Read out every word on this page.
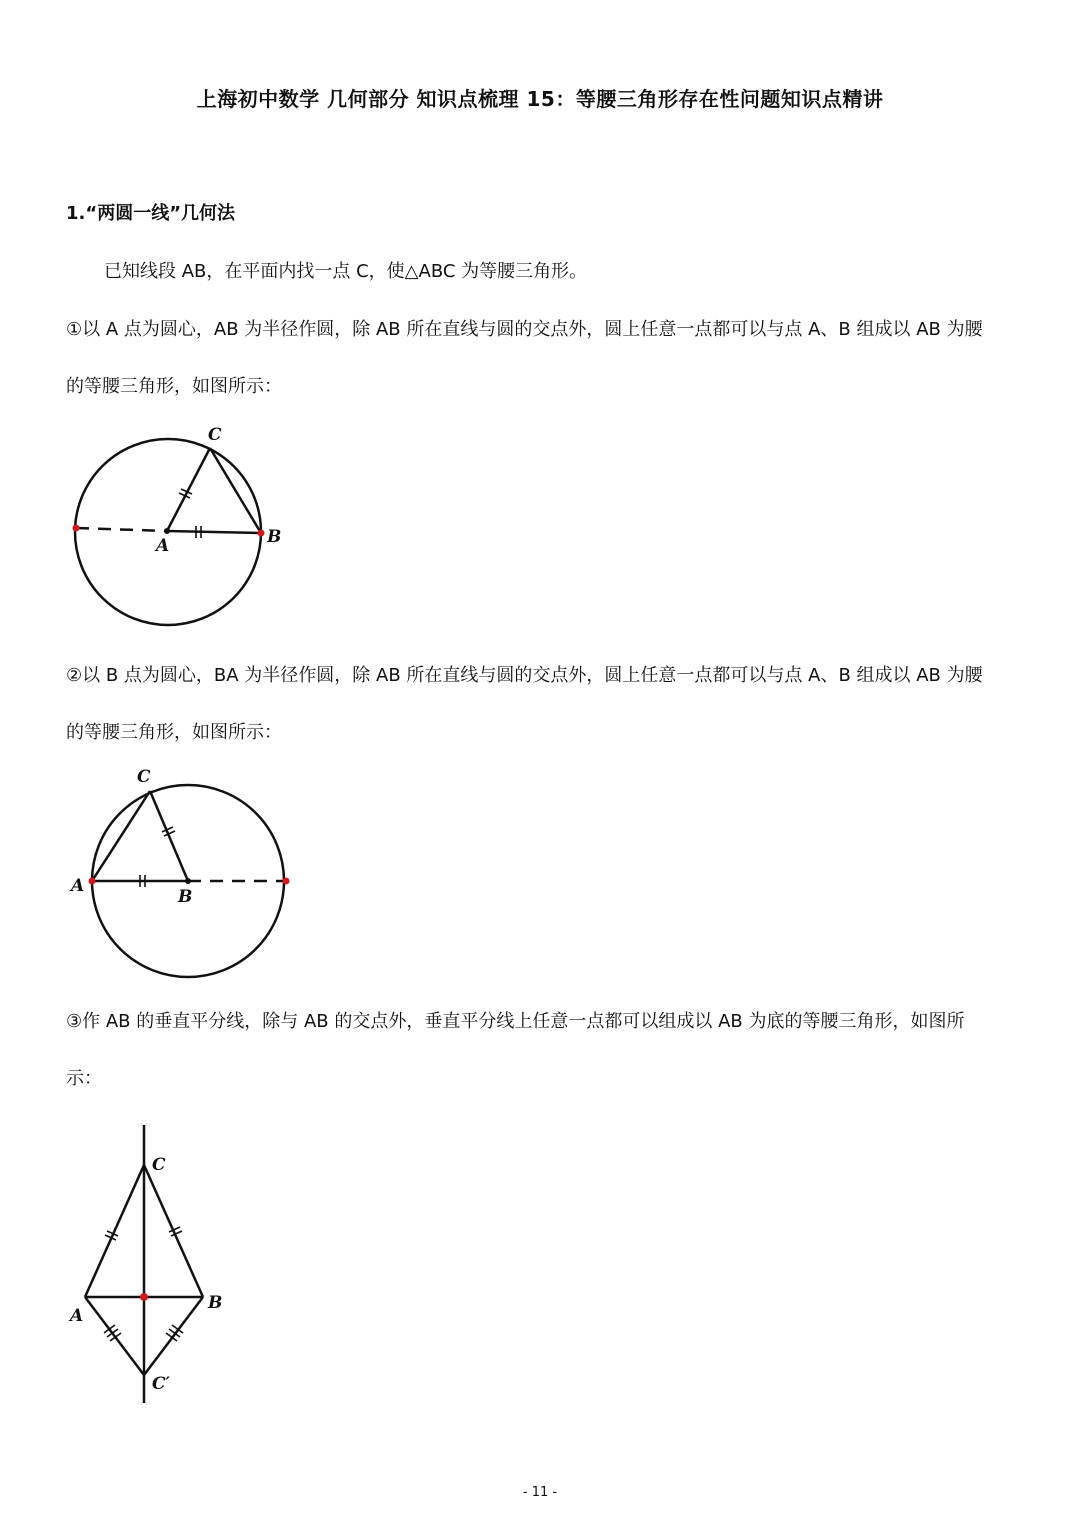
上海初中数学 几何部分 知识点梳理 15：等腰三角形存在性问题知识点精讲
1.“两圆一线”几何法
已知线段 AB，在平面内找一点 C，使△ABC 为等腰三角形。
①以 A 点为圆心，AB 为半径作圆，除 AB 所在直线与圆的交点外，圆上任意一点都可以与点 A、B 组成以 AB 为腰
的等腰三角形，如图所示：
A	B
C
②以 B 点为圆心，BA 为半径作圆，除 AB 所在直线与圆的交点外，圆上任意一点都可以与点 A、B 组成以 AB 为腰
的等腰三角形，如图所示：
A
B
C
③作 AB 的垂直平分线，除与 AB 的交点外，垂直平分线上任意一点都可以组成以 AB 为底的等腰三角形，如图所
示：
C
A
B
C′
- 11 -
